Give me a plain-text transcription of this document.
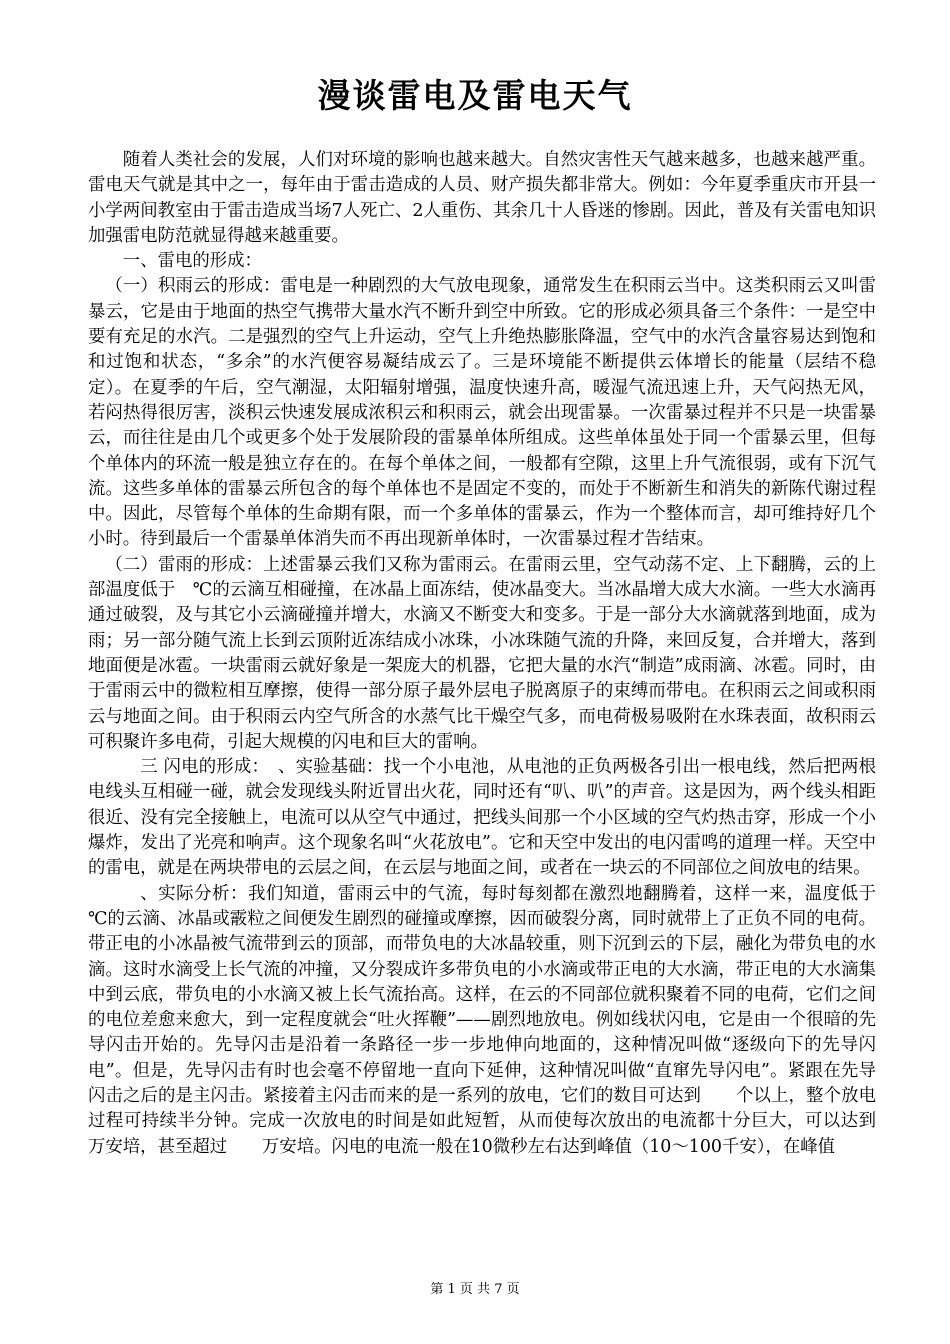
漫谈雷电及雷电天气

随着人类社会的发展，人们对环境的影响也越来越大。自然灾害性天气越来越多，也越来越严重。雷电天气就是其中之一，每年由于雷击造成的人员、财产损失都非常大。例如：今年夏季重庆市开县一小学两间教室由于雷击造成当场7人死亡、2人重伤、其余几十人昏迷的惨剧。因此，普及有关雷电知识加强雷电防范就显得越来越重要。

一、雷电的形成：

（一）积雨云的形成：雷电是一种剧烈的大气放电现象，通常发生在积雨云当中。这类积雨云又叫雷暴云，它是由于地面的热空气携带大量水汽不断升到空中所致。它的形成必须具备三个条件：一是空中要有充足的水汽。二是强烈的空气上升运动，空气上升绝热膨胀降温，空气中的水汽含量容易达到饱和和过饱和状态，“多余”的水汽便容易凝结成云了。三是环境能不断提供云体增长的能量（层结不稳定）。在夏季的午后，空气潮湿，太阳辐射增强，温度快速升高，暖湿气流迅速上升，天气闷热无风，若闷热得很厉害，淡积云快速发展成浓积云和积雨云，就会出现雷暴。一次雷暴过程并不只是一块雷暴云，而往往是由几个或更多个处于发展阶段的雷暴单体所组成。这些单体虽处于同一个雷暴云里，但每个单体内的环流一般是独立存在的。在每个单体之间，一般都有空隙，这里上升气流很弱，或有下沉气流。这些多单体的雷暴云所包含的每个单体也不是固定不变的，而处于不断新生和消失的新陈代谢过程中。因此，尽管每个单体的生命期有限，而一个多单体的雷暴云，作为一个整体而言，却可维持好几个小时。待到最后一个雷暴单体消失而不再出现新单体时，一次雷暴过程才告结束。

（二）雷雨的形成：上述雷暴云我们又称为雷雨云。在雷雨云里，空气动荡不定、上下翻腾，云的上部温度低于　℃的云滴互相碰撞，在冰晶上面冻结，使冰晶变大。当冰晶增大成大水滴。一些大水滴再通过破裂，及与其它小云滴碰撞并增大，水滴又不断变大和变多。于是一部分大水滴就落到地面，成为雨；另一部分随气流上长到云顶附近冻结成小冰珠，小冰珠随气流的升降，来回反复，合并增大，落到地面便是冰雹。一块雷雨云就好象是一架庞大的机器，它把大量的水汽“制造”成雨滴、冰雹。同时，由于雷雨云中的微粒相互摩擦，使得一部分原子最外层电子脱离原子的束缚而带电。在积雨云之间或积雨云与地面之间。由于积雨云内空气所含的水蒸气比干燥空气多，而电荷极易吸附在水珠表面，故积雨云可积聚许多电荷，引起大规模的闪电和巨大的雷响。

三 闪电的形成：　、实验基础：找一个小电池，从电池的正负两极各引出一根电线，然后把两根电线头互相碰一碰，就会发现线头附近冒出火花，同时还有“叭、叭”的声音。这是因为，两个线头相距很近、没有完全接触上，电流可以从空气中通过，把线头间那一个小区域的空气灼热击穿，形成一个小爆炸，发出了光亮和响声。这个现象名叫“火花放电”。它和天空中发出的电闪雷鸣的道理一样。天空中的雷电，就是在两块带电的云层之间，在云层与地面之间，或者在一块云的不同部位之间放电的结果。

、实际分析：我们知道，雷雨云中的气流，每时每刻都在激烈地翻腾着，这样一来，温度低于　℃的云滴、冰晶或霰粒之间便发生剧烈的碰撞或摩擦，因而破裂分离，同时就带上了正负不同的电荷。带正电的小冰晶被气流带到云的顶部，而带负电的大冰晶较重，则下沉到云的下层，融化为带负电的水滴。这时水滴受上长气流的冲撞，又分裂成许多带负电的小水滴或带正电的大水滴，带正电的大水滴集中到云底，带负电的小水滴又被上长气流抬高。这样，在云的不同部位就积聚着不同的电荷，它们之间的电位差愈来愈大，到一定程度就会“吐火挥鞭”——剧烈地放电。例如线状闪电，它是由一个很暗的先导闪击开始的。先导闪击是沿着一条路径一步一步地伸向地面的，这种情况叫做“逐级向下的先导闪电”。但是，先导闪击有时也会毫不停留地一直向下延伸，这种情况叫做“直窜先导闪电”。紧跟在先导闪击之后的是主闪击。紧接着主闪击而来的是一系列的放电，它们的数目可达到　　个以上，整个放电过程可持续半分钟。完成一次放电的时间是如此短暂，从而使每次放出的电流都十分巨大，可以达到　万安培，甚至超过　　万安培。闪电的电流一般在10微秒左右达到峰值（10～100千安），在峰值

第 1 页 共 7 页
